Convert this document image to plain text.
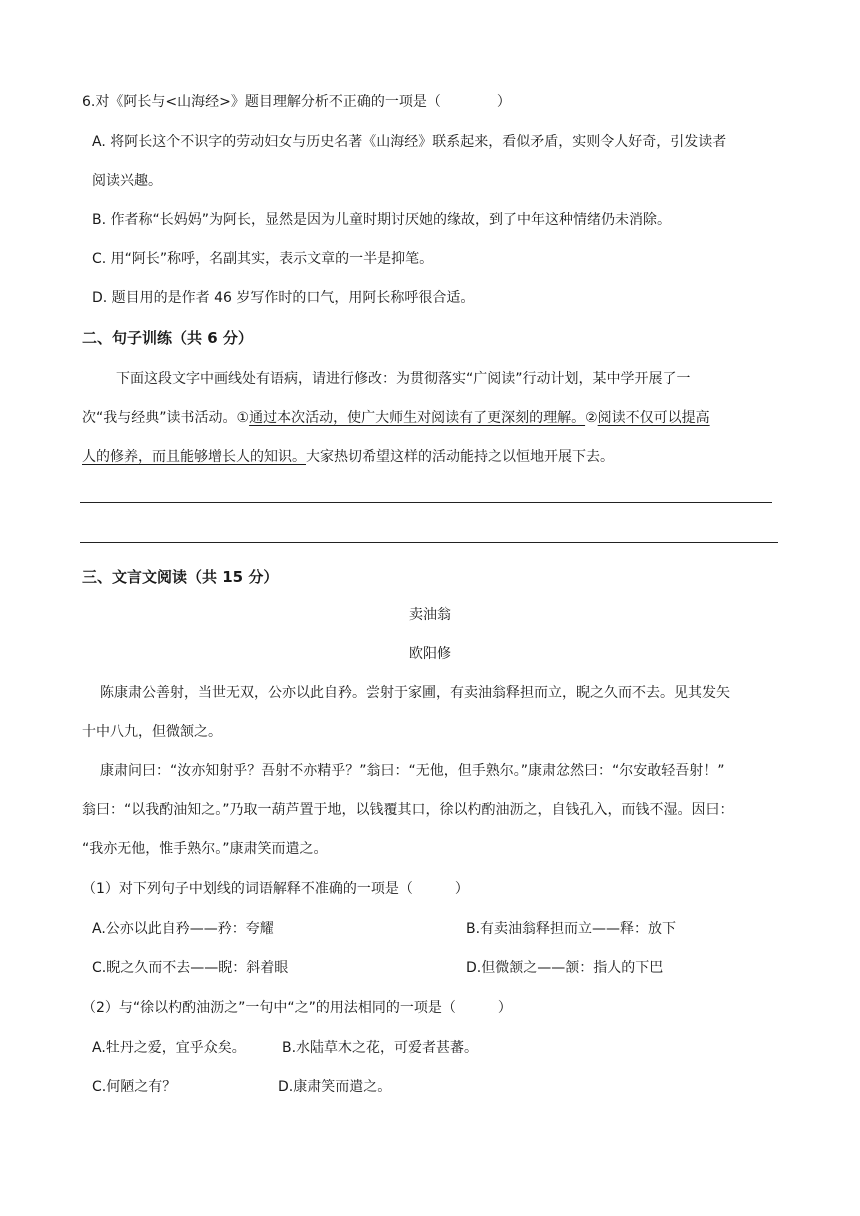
6.对《阿长与<山海经>》题目理解分析不正确的一项是（　　　　）
A. 将阿长这个不识字的劳动妇女与历史名著《山海经》联系起来，看似矛盾，实则令人好奇，引发读者
阅读兴趣。
B. 作者称“长妈妈”为阿长，显然是因为儿童时期讨厌她的缘故，到了中年这种情绪仍未消除。
C. 用“阿长”称呼，名副其实，表示文章的一半是抑笔。
D. 题目用的是作者 46 岁写作时的口气，用阿长称呼很合适。
二、句子训练（共 6 分）
下面这段文字中画线处有语病，请进行修改：为贯彻落实“广阅读”行动计划，某中学开展了一
次“我与经典”读书活动。①通过本次活动，使广大师生对阅读有了更深刻的理解。②阅读不仅可以提高
人的修养，而且能够增长人的知识。大家热切希望这样的活动能持之以恒地开展下去。
三、文言文阅读（共 15 分）
卖油翁
欧阳修
陈康肃公善射，当世无双，公亦以此自矜。尝射于家圃，有卖油翁释担而立，睨之久而不去。见其发矢
十中八九，但微颔之。
康肃问曰：“汝亦知射乎？吾射不亦精乎？”翁曰：“无他，但手熟尔。”康肃忿然曰：“尔安敢轻吾射！”
翁曰：“以我酌油知之。”乃取一葫芦置于地，以钱覆其口，徐以杓酌油沥之，自钱孔入，而钱不湿。因曰：
“我亦无他，惟手熟尔。”康肃笑而遣之。
（1）对下列句子中划线的词语解释不准确的一项是（　　　）
A.公亦以此自矜——矜：夸耀	B.有卖油翁释担而立——释：放下
C.睨之久而不去——睨：斜着眼	D.但微颔之——颔：指人的下巴
（2）与“徐以杓酌油沥之”一句中“之”的用法相同的一项是（　　　）
A.牡丹之爱，宜乎众矣。	B.水陆草木之花，可爱者甚蕃。
C.何陋之有？	D.康肃笑而遣之。
